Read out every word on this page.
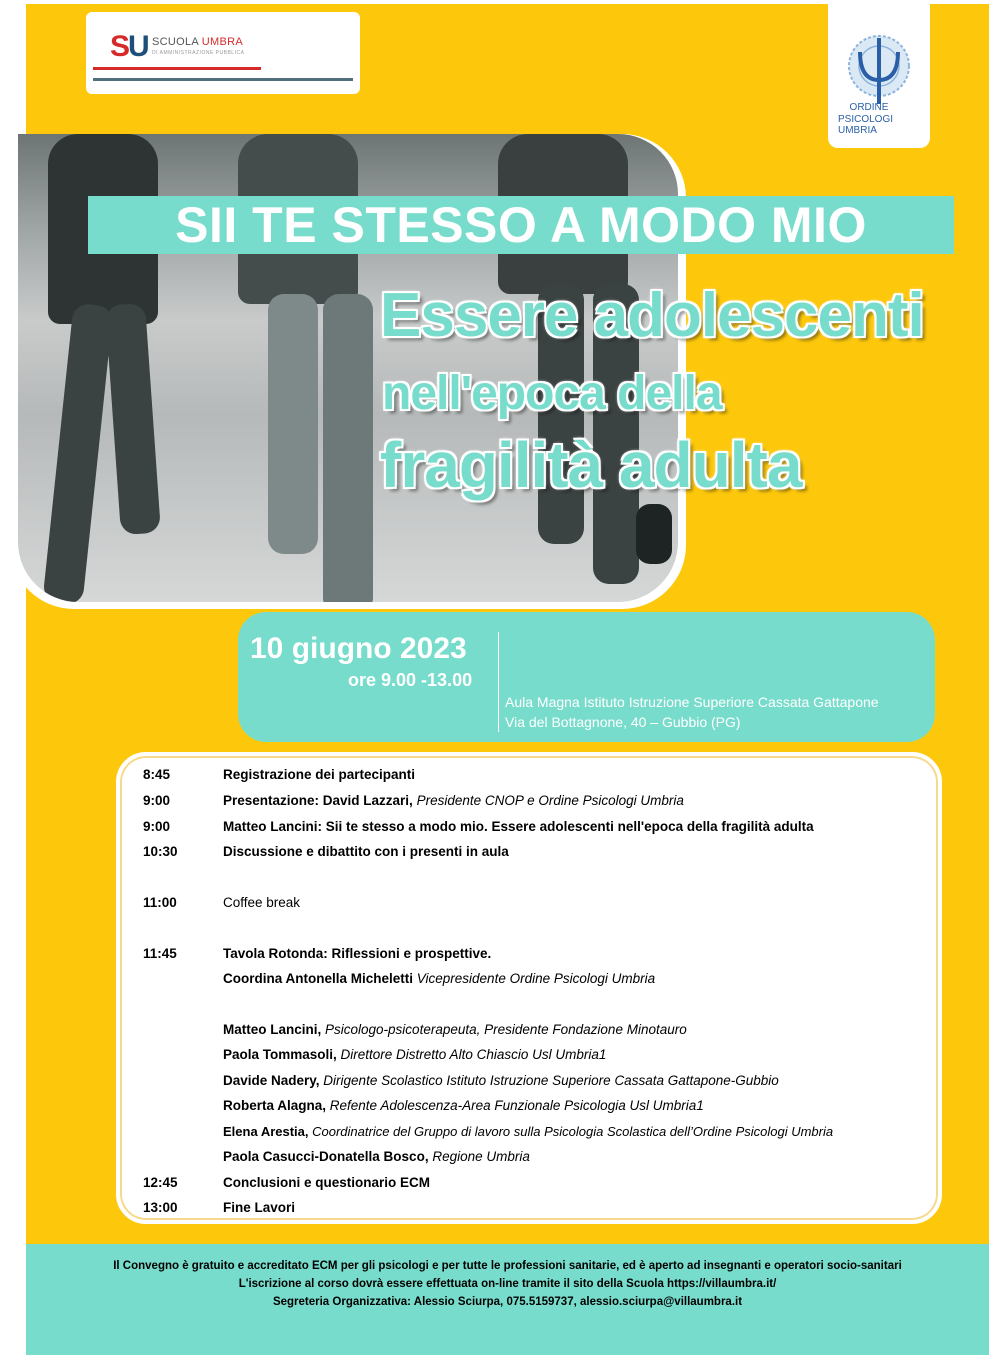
SU SCUOLA UMBRA
DI AMMINISTRAZIONE PUBBLICA
ORDINE
PSICOLOGI UMBRIA
SII TE STESSO A MODO MIO
Essere adolescenti
nell'epoca della
fragilità adulta
10 giugno 2023
ore 9.00 -13.00
Aula Magna Istituto Istruzione Superiore Cassata Gattapone
Via del Bottagnone, 40 – Gubbio (PG)
8:45	Registrazione dei partecipanti
9:00	Presentazione: David Lazzari, Presidente CNOP e Ordine Psicologi Umbria
9:00	Matteo Lancini: Sii te stesso a modo mio. Essere adolescenti nell'epoca della fragilità adulta
10:30	Discussione e dibattito con i presenti in aula
11:00	Coffee break
11:45	Tavola Rotonda: Riflessioni e prospettive.
Coordina Antonella Micheletti Vicepresidente Ordine Psicologi Umbria
Matteo Lancini, Psicologo-psicoterapeuta, Presidente Fondazione Minotauro
Paola Tommasoli, Direttore Distretto Alto Chiascio Usl Umbria1
Davide Nadery, Dirigente Scolastico Istituto Istruzione Superiore Cassata Gattapone-Gubbio
Roberta Alagna, Refente Adolescenza-Area Funzionale Psicologia Usl Umbria1
Elena Arestia, Coordinatrice del Gruppo di lavoro sulla Psicologia Scolastica dell’Ordine Psicologi Umbria
Paola Casucci-Donatella Bosco, Regione Umbria
12:45	Conclusioni e questionario ECM
13:00	Fine Lavori
Il Convegno è gratuito e accreditato ECM per gli psicologi e per tutte le professioni sanitarie, ed è aperto ad insegnanti e operatori socio-sanitari
L'iscrizione al corso dovrà essere effettuata on-line tramite il sito della Scuola https://villaumbra.it/
Segreteria Organizzativa: Alessio Sciurpa, 075.5159737, alessio.sciurpa@villaumbra.it
